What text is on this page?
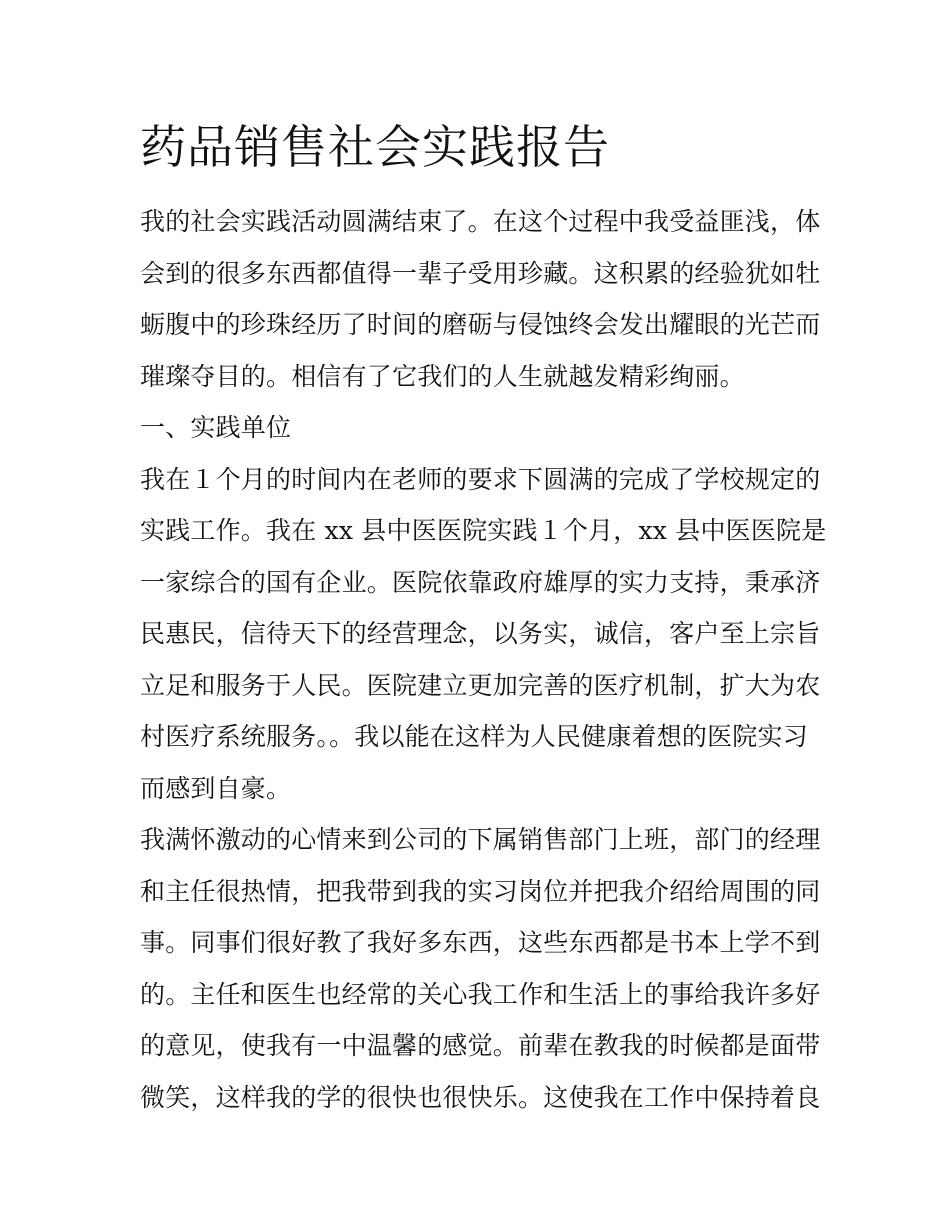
药品销售社会实践报告
我的社会实践活动圆满结束了。在这个过程中我受益匪浅，体
会到的很多东西都值得一辈子受用珍藏。这积累的经验犹如牡
蛎腹中的珍珠经历了时间的磨砺与侵蚀终会发出耀眼的光芒而
璀璨夺目的。相信有了它我们的人生就越发精彩绚丽。
一、实践单位
我在１个月的时间内在老师的要求下圆满的完成了学校规定的
实践工作。我在 xx 县中医医院实践１个月，xx 县中医医院是
一家综合的国有企业。医院依靠政府雄厚的实力支持，秉承济
民惠民，信待天下的经营理念，以务实，诚信，客户至上宗旨
立足和服务于人民。医院建立更加完善的医疗机制，扩大为农
村医疗系统服务。。我以能在这样为人民健康着想的医院实习
而感到自豪。
我满怀激动的心情来到公司的下属销售部门上班，部门的经理
和主任很热情，把我带到我的实习岗位并把我介绍给周围的同
事。同事们很好教了我好多东西，这些东西都是书本上学不到
的。主任和医生也经常的关心我工作和生活上的事给我许多好
的意见，使我有一中温馨的感觉。前辈在教我的时候都是面带
微笑，这样我的学的很快也很快乐。这使我在工作中保持着良
